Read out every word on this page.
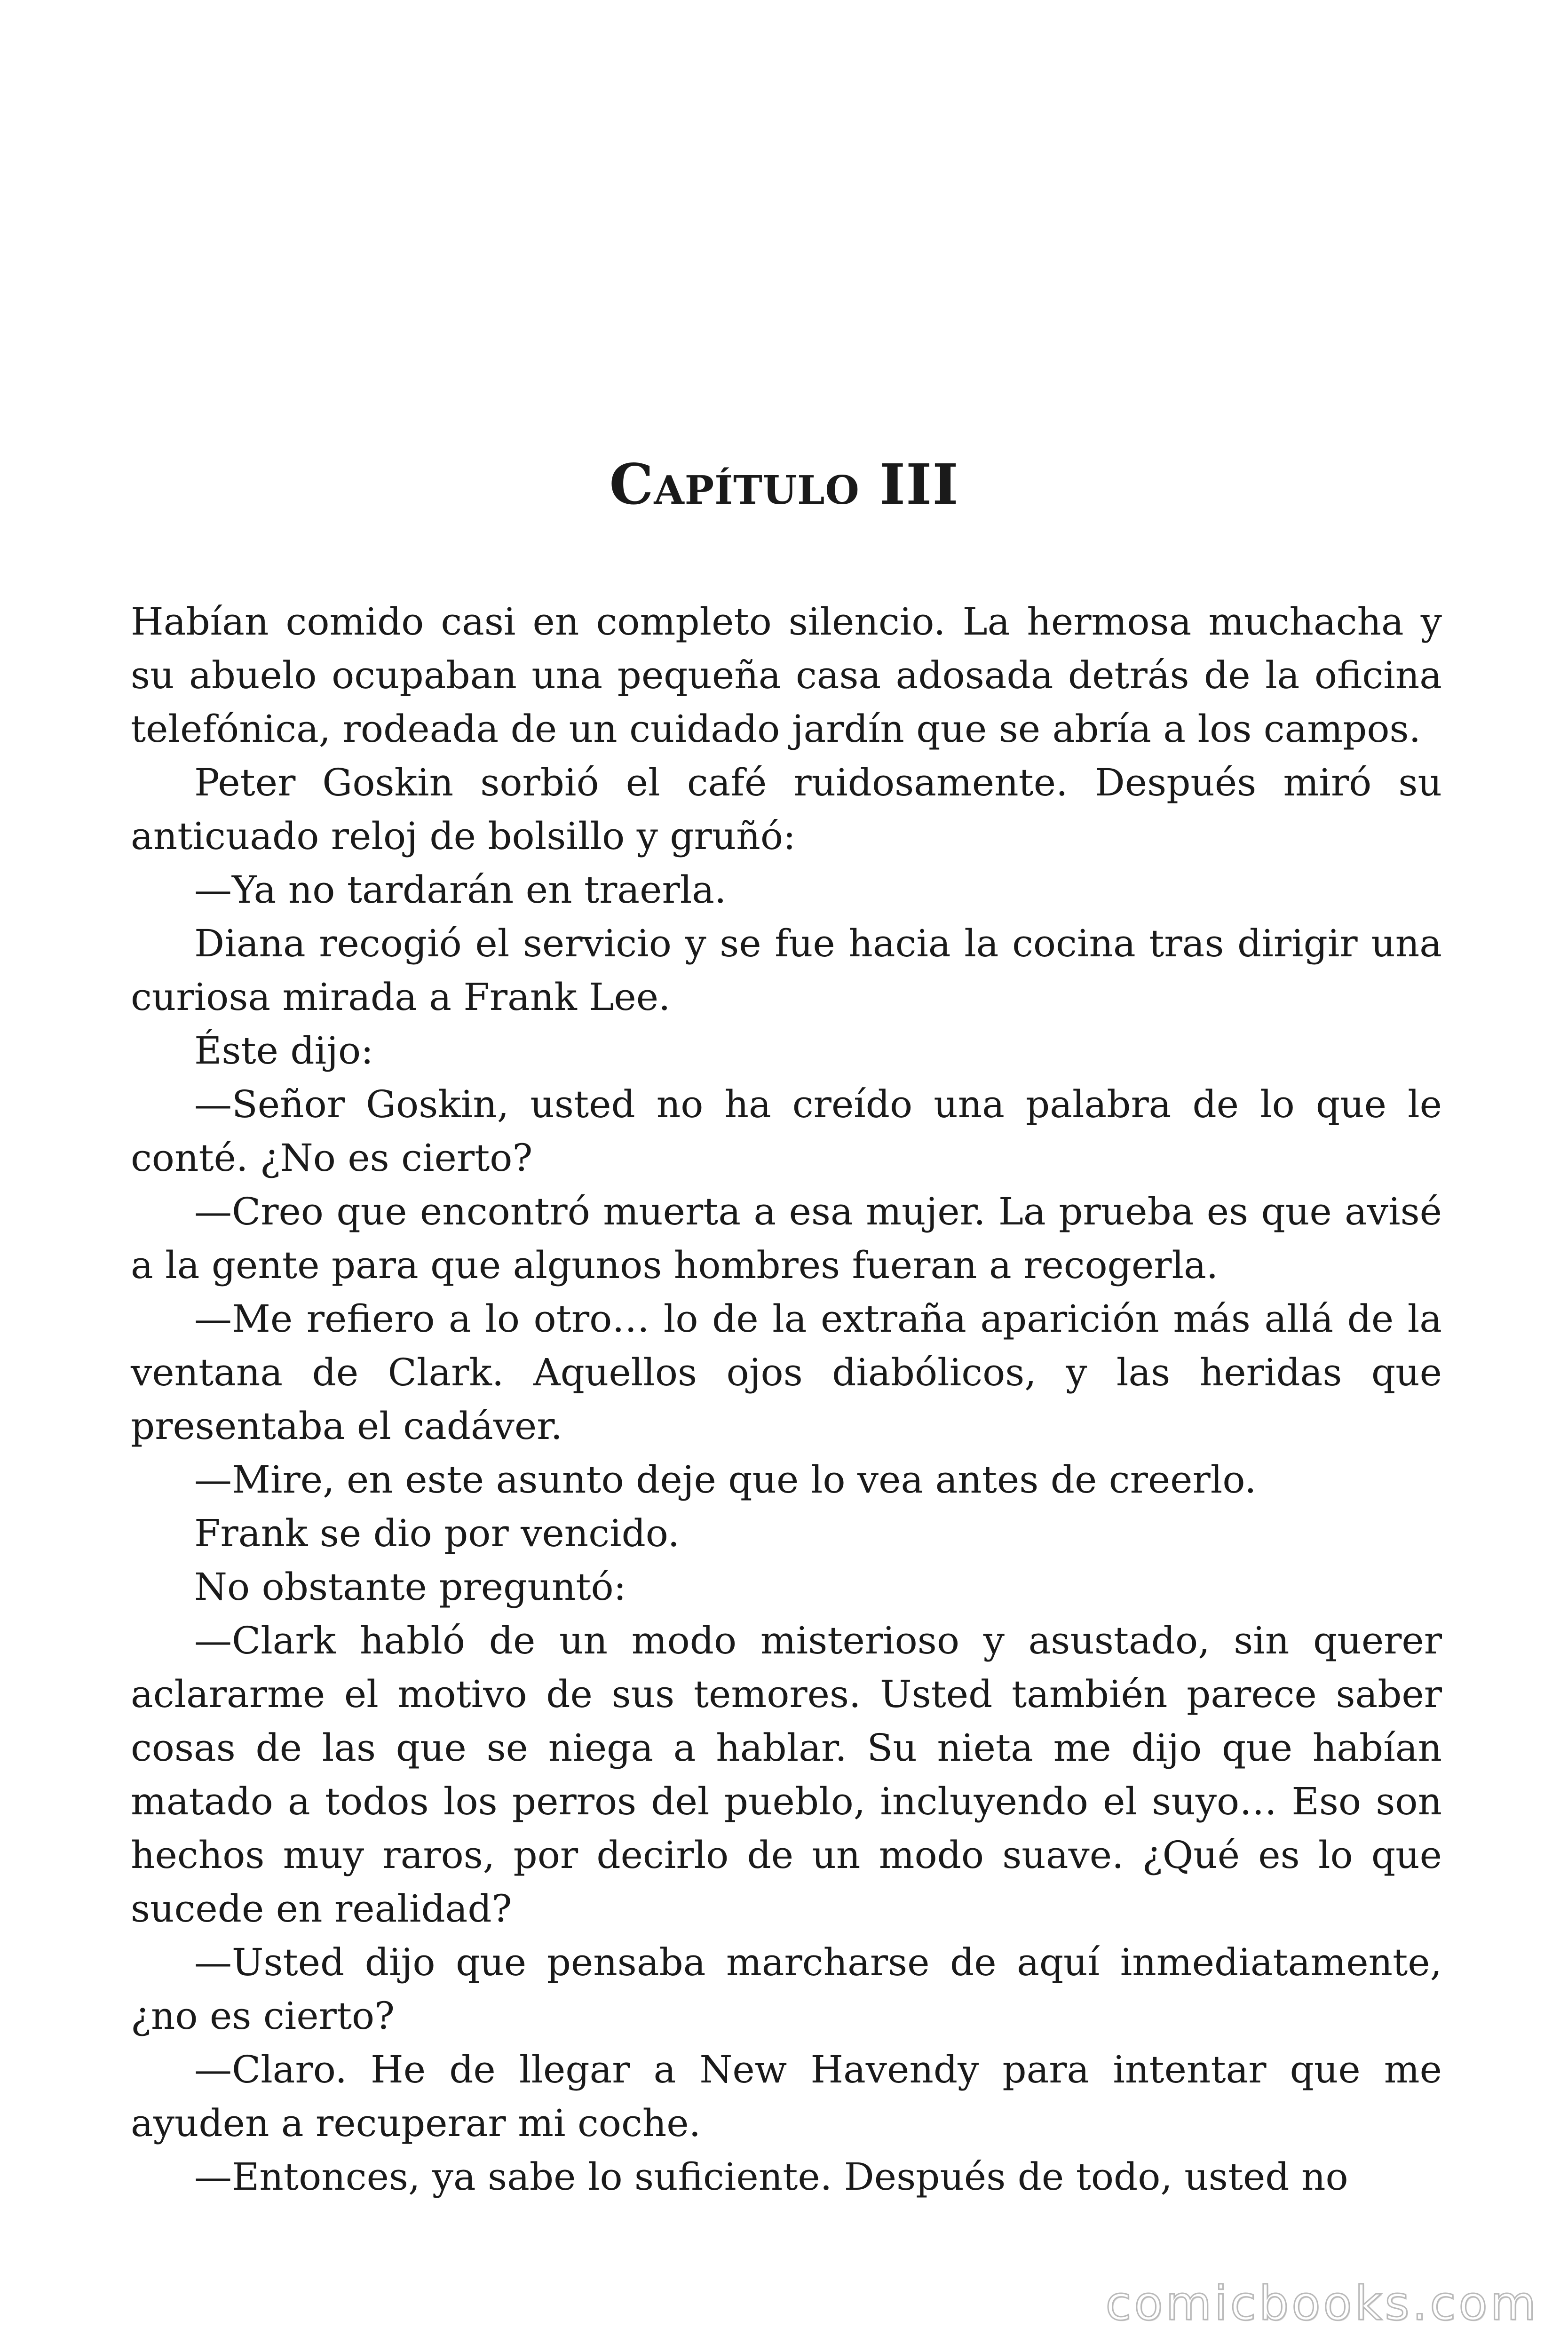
Capítulo III

Habían comido casi en completo silencio. La hermosa muchacha y su abuelo ocupaban una pequeña casa adosada detrás de la oficina telefónica, rodeada de un cuidado jardín que se abría a los campos.

Peter Goskin sorbió el café ruidosamente. Después miró su anticuado reloj de bolsillo y gruñó:

—Ya no tardarán en traerla.

Diana recogió el servicio y se fue hacia la cocina tras dirigir una curiosa mirada a Frank Lee.

Éste dijo:

—Señor Goskin, usted no ha creído una palabra de lo que le conté. ¿No es cierto?

—Creo que encontró muerta a esa mujer. La prueba es que avisé a la gente para que algunos hombres fueran a recogerla.

—Me refiero a lo otro… lo de la extraña aparición más allá de la ventana de Clark. Aquellos ojos diabólicos, y las heridas que presentaba el cadáver.

—Mire, en este asunto deje que lo vea antes de creerlo.

Frank se dio por vencido.

No obstante preguntó:

—Clark habló de un modo misterioso y asustado, sin querer aclararme el motivo de sus temores. Usted también parece saber cosas de las que se niega a hablar. Su nieta me dijo que habían matado a todos los perros del pueblo, incluyendo el suyo… Eso son hechos muy raros, por decirlo de un modo suave. ¿Qué es lo que sucede en realidad?

—Usted dijo que pensaba marcharse de aquí inmediatamente, ¿no es cierto?

—Claro. He de llegar a New Havendy para intentar que me ayuden a recuperar mi coche.

—Entonces, ya sabe lo suficiente. Después de todo, usted no

comicbooks.com
